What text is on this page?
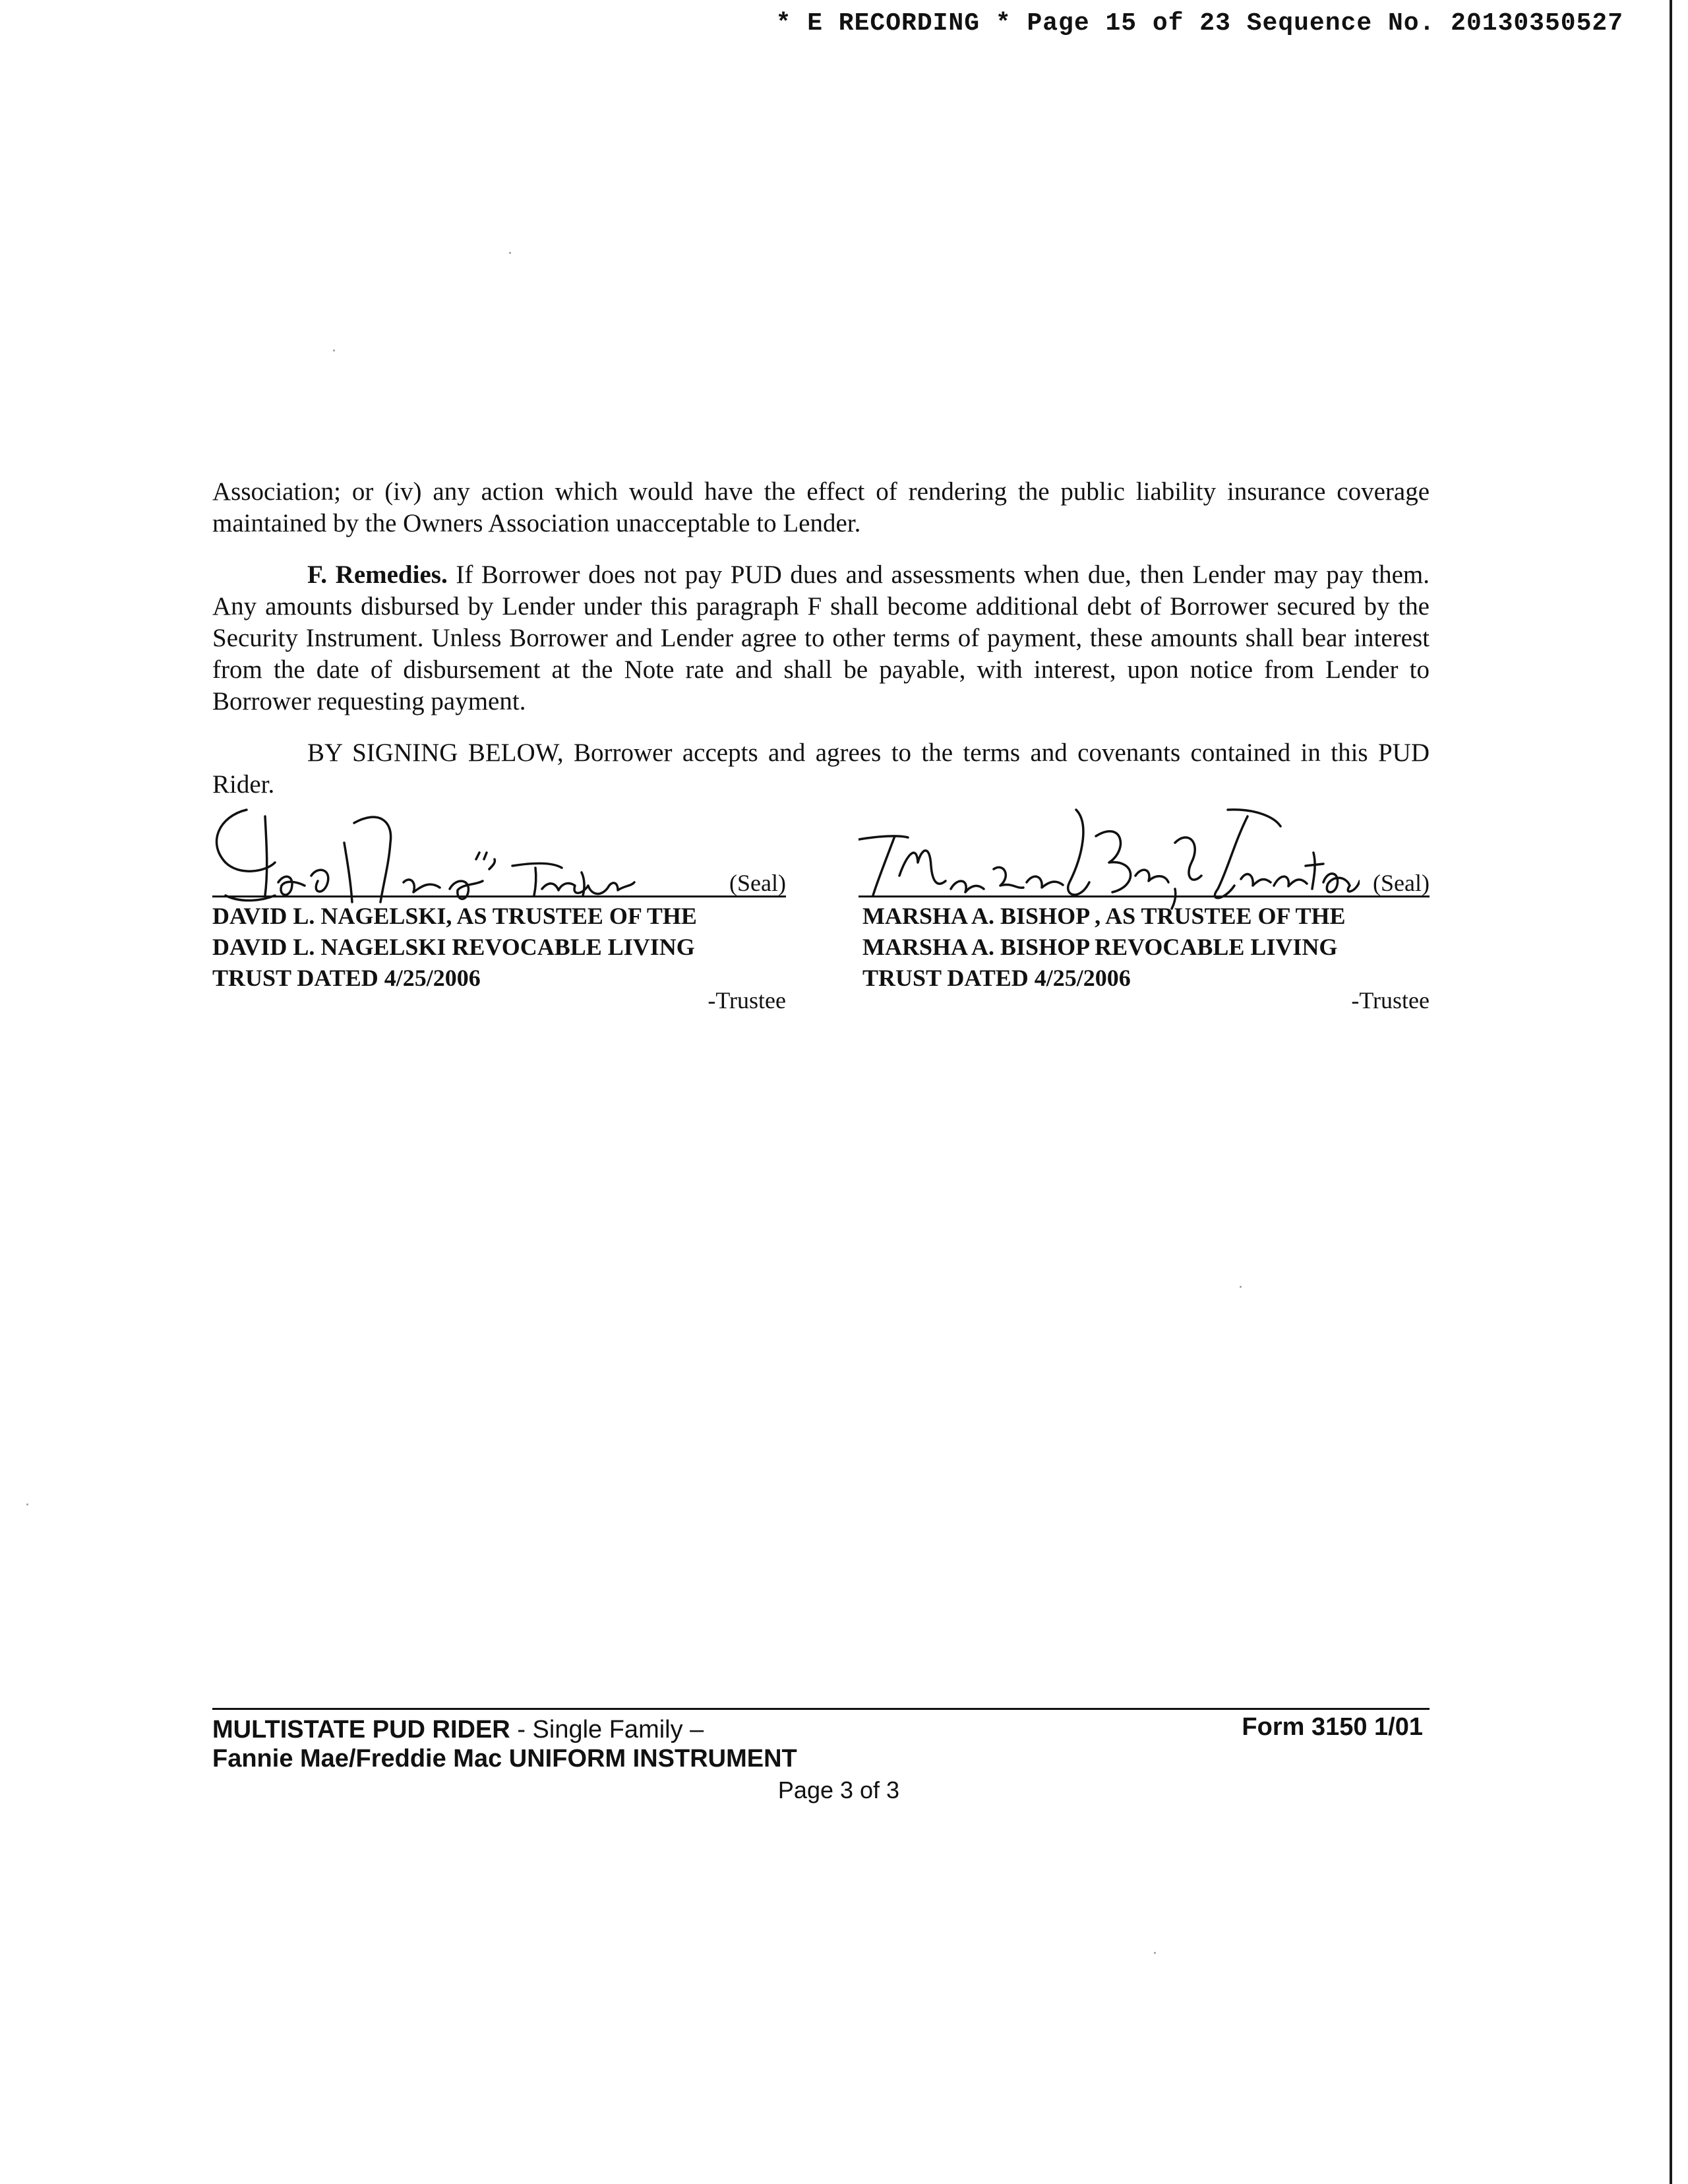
* E RECORDING * Page 15 of 23 Sequence No. 20130350527
Association; or (iv) any action which would have the effect of rendering the public liability insurance coverage maintained by the Owners Association unacceptable to Lender.
F. Remedies. If Borrower does not pay PUD dues and assessments when due, then Lender may pay them. Any amounts disbursed by Lender under this paragraph F shall become additional debt of Borrower secured by the Security Instrument. Unless Borrower and Lender agree to other terms of payment, these amounts shall bear interest from the date of disbursement at the Note rate and shall be payable, with interest, upon notice from Lender to Borrower requesting payment.
BY SIGNING BELOW, Borrower accepts and agrees to the terms and covenants contained in this PUD Rider.
(Seal)
DAVID L. NAGELSKI, AS TRUSTEE OF THE
DAVID L. NAGELSKI REVOCABLE LIVING
TRUST DATED 4/25/2006
-Trustee
(Seal)
MARSHA A. BISHOP , AS TRUSTEE OF THE
MARSHA A. BISHOP REVOCABLE LIVING
TRUST DATED 4/25/2006
-Trustee
MULTISTATE PUD RIDER - Single Family –
Fannie Mae/Freddie Mac UNIFORM INSTRUMENT
Form 3150 1/01
Page 3 of 3
